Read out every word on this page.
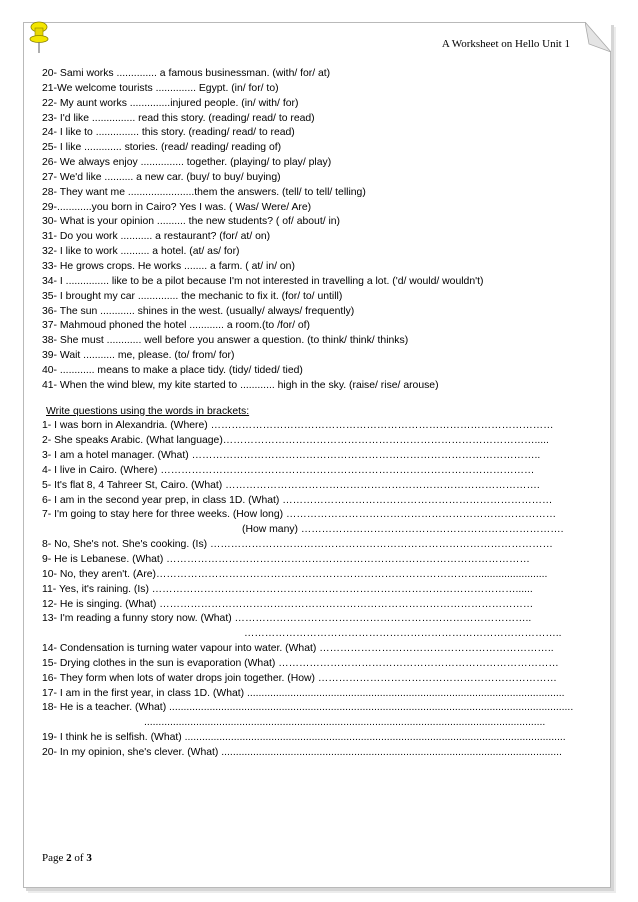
A Worksheet on Hello Unit 1
20- Sami works .............. a famous businessman. (with/ for/ at)
21-We welcome tourists .............. Egypt. (in/ for/ to)
22- My aunt works ..............injured people. (in/ with/ for)
23- I'd like ............... read this story. (reading/ read/ to read)
24- I like to ............... this story. (reading/ read/ to read)
25- I like ............. stories. (read/ reading/ reading of)
26- We always enjoy ............... together. (playing/ to play/ play)
27- We'd like .......... a new car. (buy/ to buy/ buying)
28- They want me .......................them the answers. (tell/ to tell/ telling)
29-............you born in Cairo? Yes I was. ( Was/ Were/ Are)
30- What is your opinion .......... the new students? ( of/ about/ in)
31- Do you work ........... a restaurant? (for/ at/ on)
32- I like to work .......... a hotel. (at/ as/ for)
33- He grows crops. He works ........ a farm. ( at/ in/ on)
34- I ............... like to be a pilot because I'm not interested in travelling a lot. ('d/ would/ wouldn't)
35- I brought my car .............. the mechanic to fix it. (for/ to/ untill)
36- The sun ............ shines in the west. (usually/ always/ frequently)
37- Mahmoud phoned the hotel ............ a room.(to /for/ of)
38- She must ............ well before you answer a question. (to think/ think/ thinks)
39- Wait ........... me, please. (to/ from/ for)
40- ............ means to make a place tidy. (tidy/ tided/ tied)
41- When the wind blew, my kite started to ............ high in the sky. (raise/ rise/ arouse)
Write questions using the words in brackets:
1- I was born in Alexandria. (Where) ………………………………………………………………………………………
2- She speaks Arabic. (What language)……………………………………………………………………………….....
3- I am a hotel manager. (What) ………………………………………………………………………………………..
4- I live in Cairo. (Where) ………………………………………………………………………………………………
5- It's flat 8, 4 Tahreer St, Cairo. (What) ……………………………………………………………………………….
6- I am in the second year prep, in class 1D. (What) ……………………………………………………………………
7- I'm going to stay here for three weeks. (How long) ……………………………………………………………………
(How many) ………………………………………………………………….
8- No, She's not. She's cooking. (Is) ………………………………………………………………………………………
9- He is Lebanese. (What) ……………………………………………………………………………………………
10- No, they aren't. (Are)…………………………………………………………………………………........................
11- Yes, it's raining. (Is) ……………………………………………………………………………………………......
12- He is singing. (What) ………………………………………………………………………………………………
13- I'm reading a funny story now. (What) …………………………………………………………………………..
………………………………………………………………………………..
14- Condensation is turning water vapour into water. (What) …………………………………………………………..
15- Drying clothes in the sun is evaporation (What) ………………………………………………………………………
16- They form when lots of water drops join together. (How) ……………………………………………………………
17- I am in the first year, in class 1D. (What) ..............................................................................................................
18- He is a teacher. (What) ............................................................................................................................................
...........................................................................................................................................
19- I think he is selfish. (What) ....................................................................................................................................
20- In my opinion, she's clever. (What) ......................................................................................................................
Page 2 of 3
